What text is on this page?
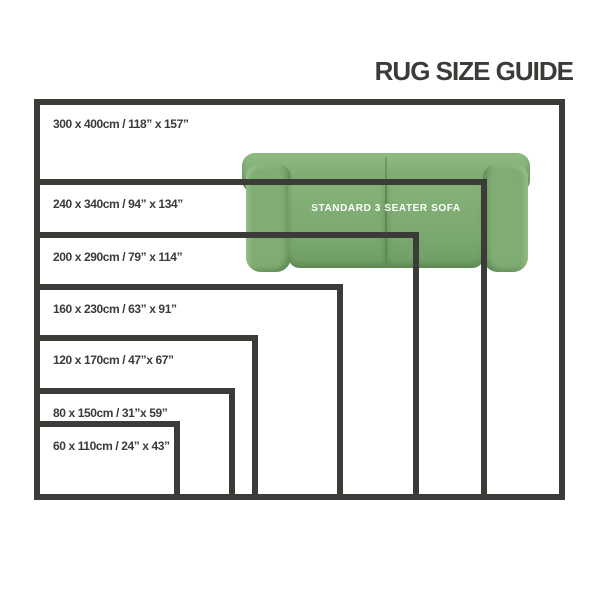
RUG SIZE GUIDE
STANDARD 3 SEATER SOFA
300 x 400cm / 118” x 157”
240 x 340cm / 94” x 134”
200 x 290cm / 79” x 114”
160 x 230cm / 63” x 91”
120 x 170cm / 47”x 67”
80 x 150cm / 31”x 59”
60 x 110cm / 24” x 43”
